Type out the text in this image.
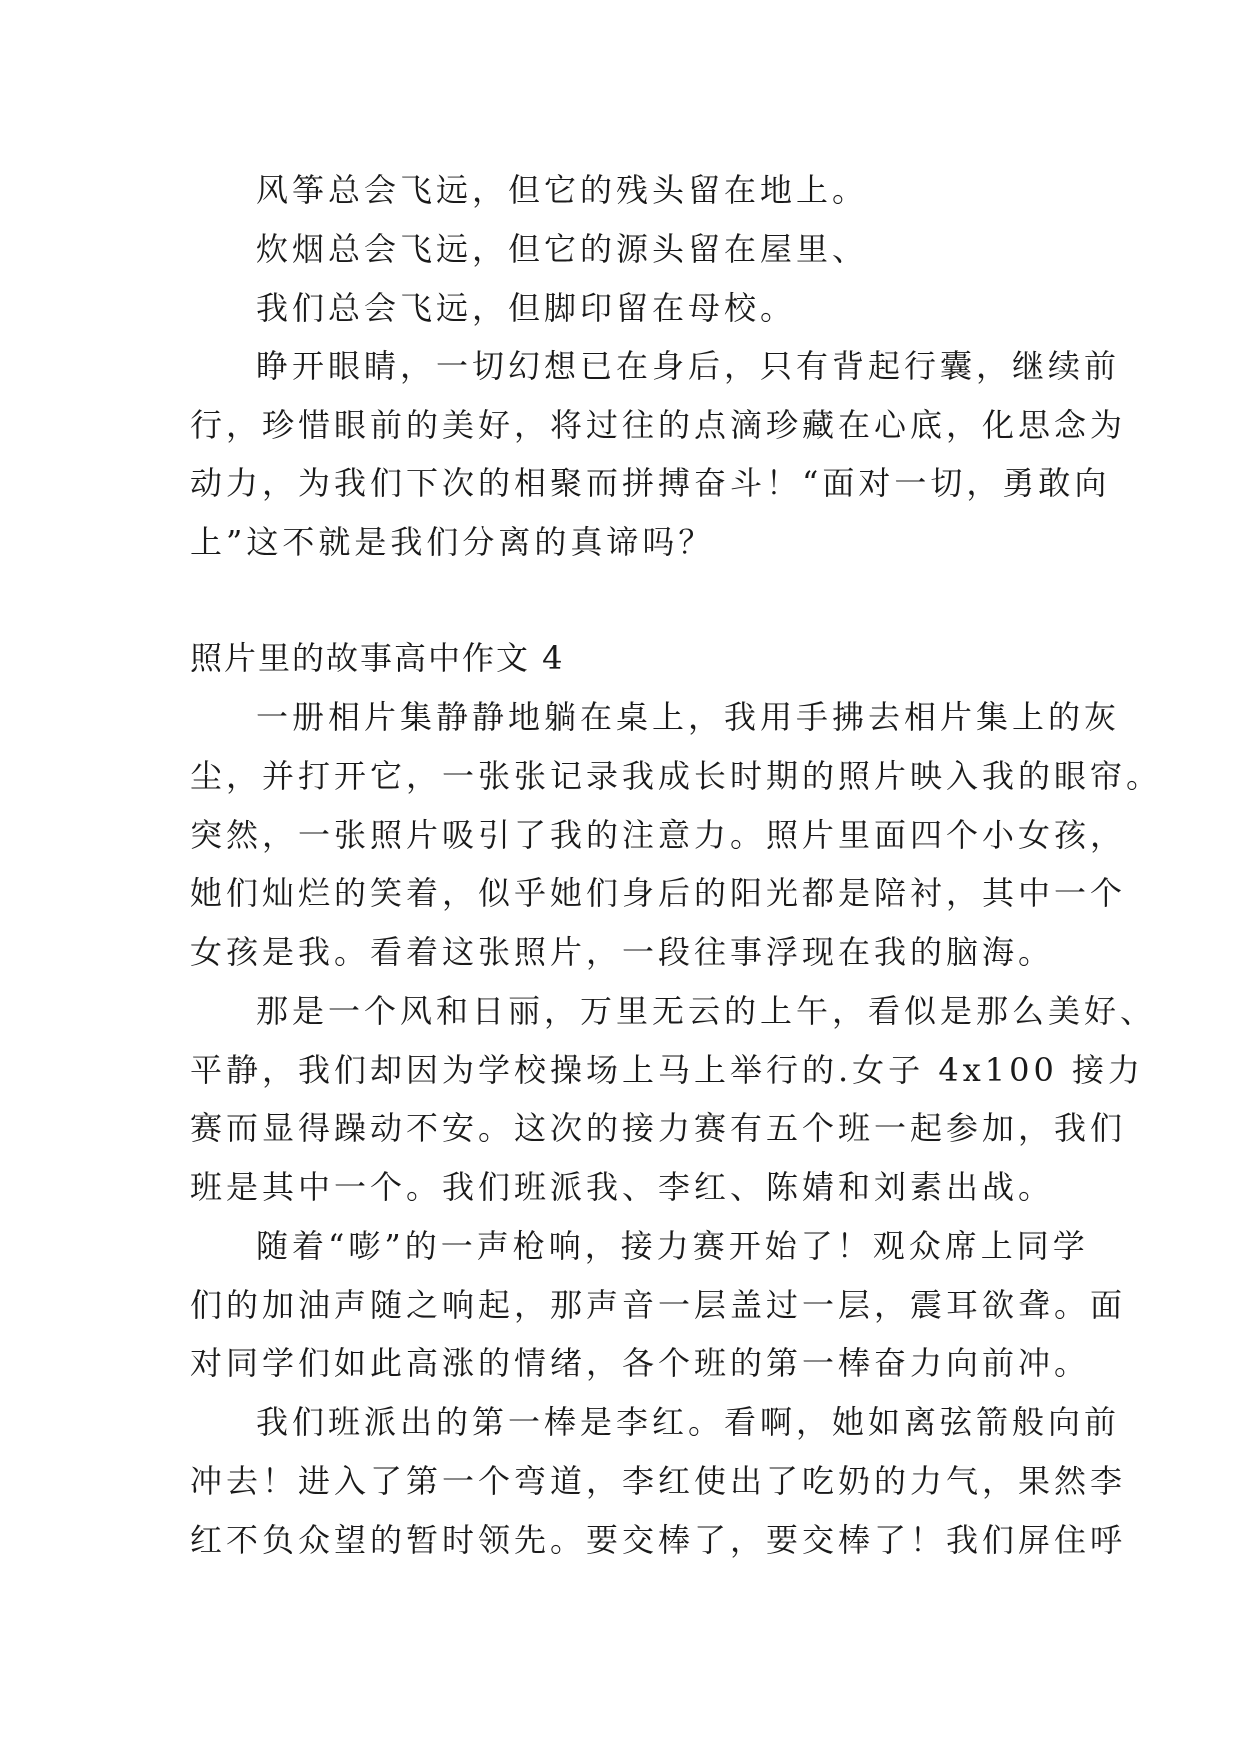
风筝总会飞远，但它的残头留在地上。
炊烟总会飞远，但它的源头留在屋里、
我们总会飞远，但脚印留在母校。
睁开眼睛，一切幻想已在身后，只有背起行囊，继续前
行，珍惜眼前的美好，将过往的点滴珍藏在心底，化思念为
动力，为我们下次的相聚而拼搏奋斗！“面对一切，勇敢向
上”这不就是我们分离的真谛吗？
照片里的故事高中作文 4
一册相片集静静地躺在桌上，我用手拂去相片集上的灰
尘，并打开它，一张张记录我成长时期的照片映入我的眼帘。
突然，一张照片吸引了我的注意力。照片里面四个小女孩，
她们灿烂的笑着，似乎她们身后的阳光都是陪衬，其中一个
女孩是我。看着这张照片，一段往事浮现在我的脑海。
那是一个风和日丽，万里无云的上午，看似是那么美好、
平静，我们却因为学校操场上马上举行的.女子 4x100 接力
赛而显得躁动不安。这次的接力赛有五个班一起参加，我们
班是其中一个。我们班派我、李红、陈婧和刘素出战。
随着“嘭”的一声枪响，接力赛开始了！观众席上同学
们的加油声随之响起，那声音一层盖过一层，震耳欲聋。面
对同学们如此高涨的情绪，各个班的第一棒奋力向前冲。
我们班派出的第一棒是李红。看啊，她如离弦箭般向前
冲去！进入了第一个弯道，李红使出了吃奶的力气，果然李
红不负众望的暂时领先。要交棒了，要交棒了！我们屏住呼
